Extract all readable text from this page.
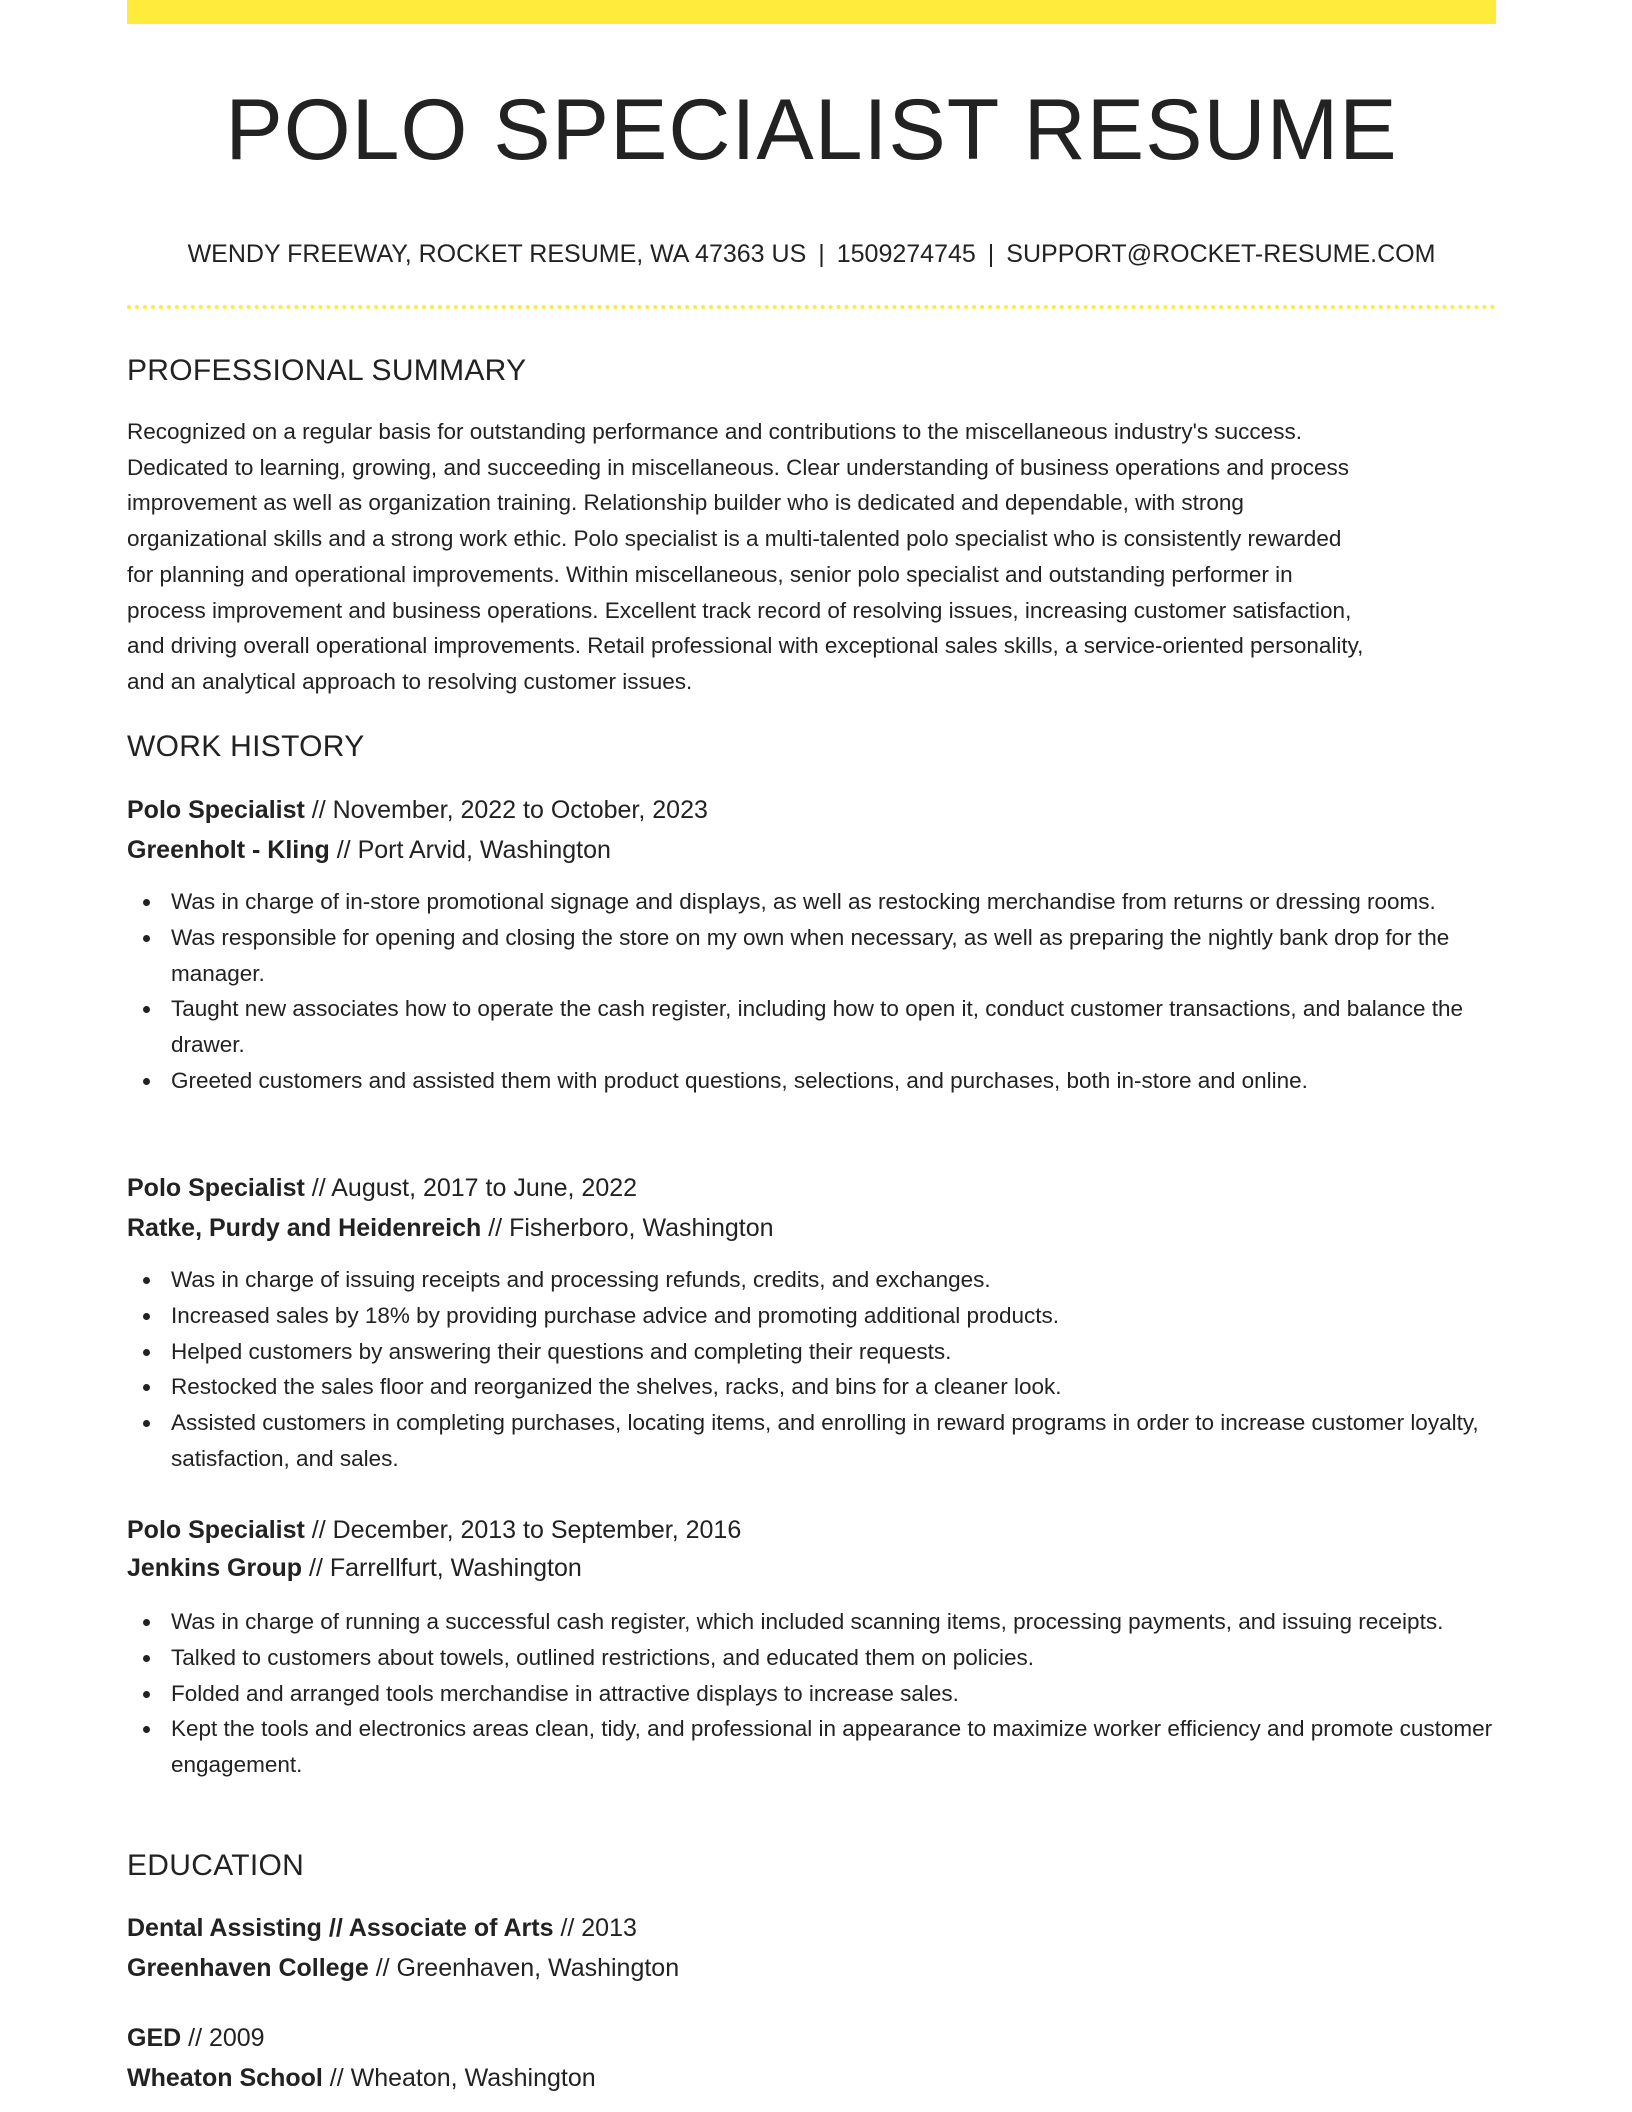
POLO SPECIALIST RESUME
WENDY FREEWAY, ROCKET RESUME, WA 47363 US | 1509274745 | SUPPORT@ROCKET-RESUME.COM
PROFESSIONAL SUMMARY
Recognized on a regular basis for outstanding performance and contributions to the miscellaneous industry's success.
Dedicated to learning, growing, and succeeding in miscellaneous. Clear understanding of business operations and process
improvement as well as organization training. Relationship builder who is dedicated and dependable, with strong
organizational skills and a strong work ethic. Polo specialist is a multi-talented polo specialist who is consistently rewarded
for planning and operational improvements. Within miscellaneous, senior polo specialist and outstanding performer in
process improvement and business operations. Excellent track record of resolving issues, increasing customer satisfaction,
and driving overall operational improvements. Retail professional with exceptional sales skills, a service-oriented personality,
and an analytical approach to resolving customer issues.
WORK HISTORY
Polo Specialist // November, 2022 to October, 2023
Greenholt - Kling // Port Arvid, Washington
Was in charge of in-store promotional signage and displays, as well as restocking merchandise from returns or dressing rooms.
Was responsible for opening and closing the store on my own when necessary, as well as preparing the nightly bank drop for the manager.
Taught new associates how to operate the cash register, including how to open it, conduct customer transactions, and balance the drawer.
Greeted customers and assisted them with product questions, selections, and purchases, both in-store and online.
Polo Specialist // August, 2017 to June, 2022
Ratke, Purdy and Heidenreich // Fisherboro, Washington
Was in charge of issuing receipts and processing refunds, credits, and exchanges.
Increased sales by 18% by providing purchase advice and promoting additional products.
Helped customers by answering their questions and completing their requests.
Restocked the sales floor and reorganized the shelves, racks, and bins for a cleaner look.
Assisted customers in completing purchases, locating items, and enrolling in reward programs in order to increase customer loyalty, satisfaction, and sales.
Polo Specialist // December, 2013 to September, 2016
Jenkins Group // Farrellfurt, Washington
Was in charge of running a successful cash register, which included scanning items, processing payments, and issuing receipts.
Talked to customers about towels, outlined restrictions, and educated them on policies.
Folded and arranged tools merchandise in attractive displays to increase sales.
Kept the tools and electronics areas clean, tidy, and professional in appearance to maximize worker efficiency and promote customer engagement.
EDUCATION
Dental Assisting // Associate of Arts // 2013
Greenhaven College // Greenhaven, Washington
GED // 2009
Wheaton School // Wheaton, Washington
